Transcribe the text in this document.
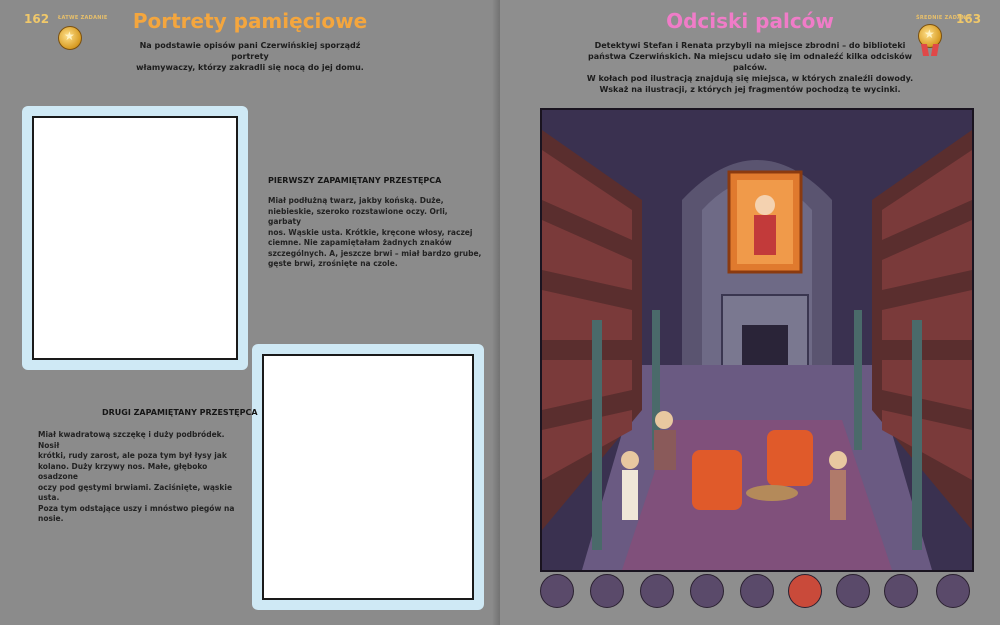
162 ŁATWE ZADANIE
★	Portrety pamięciowe
Na podstawie opisów pani Czerwińskiej sporządź portrety
włamywaczy, którzy zakradli się nocą do jej domu.
PIERWSZY ZAPAMIĘTANY PRZESTĘPCA
Miał podłużną twarz, jakby końską. Duże,
niebieskie, szeroko rozstawione oczy. Orli, garbaty
nos. Wąskie usta. Krótkie, kręcone włosy, raczej
ciemne. Nie zapamiętałam żadnych znaków
szczególnych. A, jeszcze brwi – miał bardzo grube,
gęste brwi, zrośnięte na czole.
DRUGI ZAPAMIĘTANY PRZESTĘPCA
Miał kwadratową szczękę i duży podbródek. Nosił
krótki, rudy zarost, ale poza tym był łysy jak
kolano. Duży krzywy nos. Małe, głęboko osadzone
oczy pod gęstymi brwiami. Zaciśnięte, wąskie usta.
Poza tym odstające uszy i mnóstwo piegów na nosie.
163
ŚREDNIE ZADANIE
★
Odciski palców
Detektywi Stefan i Renata przybyli na miejsce zbrodni – do biblioteki
państwa Czerwińskich. Na miejscu udało się im odnaleźć kilka odcisków palców.
W kołach pod ilustracją znajdują się miejsca, w których znaleźli dowody.
Wskaż na ilustracji, z których jej fragmentów pochodzą te wycinki.
